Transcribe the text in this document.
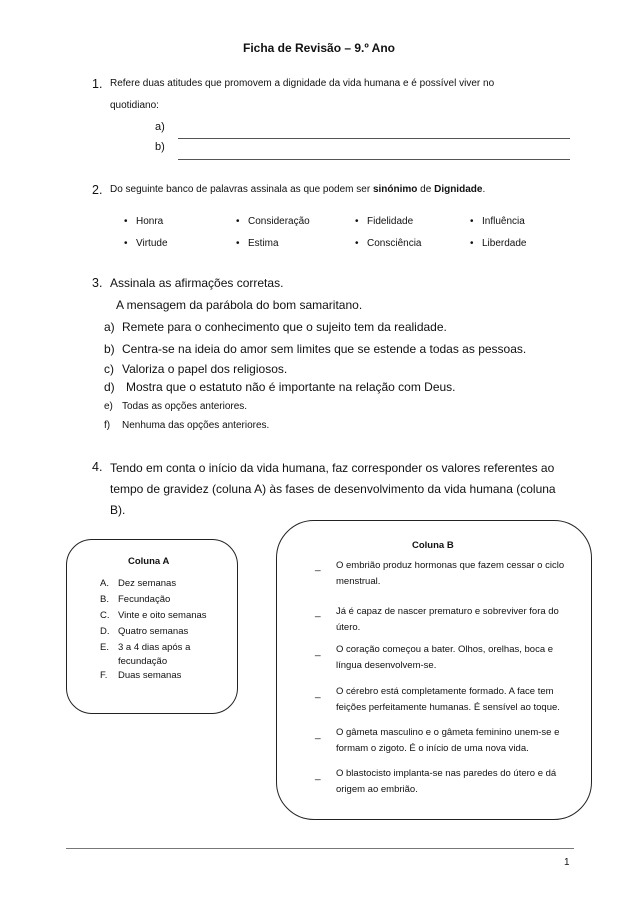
Ficha de Revisão – 9.º Ano
1. Refere duas atitudes que promovem a dignidade da vida humana e é possível viver no
quotidiano:
a)
b)
2. Do seguinte banco de palavras assinala as que podem ser sinónimo de Dignidade.
• Honra	• Consideração	• Fidelidade	• Influência
• Virtude	• Estima	• Consciência	• Liberdade
3. Assinala as afirmações corretas.
A mensagem da parábola do bom samaritano.
a) Remete para o conhecimento que o sujeito tem da realidade.
b) Centra-se na ideia do amor sem limites que se estende a todas as pessoas.
c) Valoriza o papel dos religiosos.
d) Mostra que o estatuto não é importante na relação com Deus.
e) Todas as opções anteriores.
f) Nenhuma das opções anteriores.
4. Tendo em conta o início da vida humana, faz corresponder os valores referentes ao
tempo de gravidez (coluna A) às fases de desenvolvimento da vida humana (coluna
B).
Coluna A
A. Dez semanas
B. Fecundação
C. Vinte e oito semanas
D. Quatro semanas
E. 3 a 4 dias após a
fecundação
F. Duas semanas
Coluna B
_ O embrião produz hormonas que fazem cessar o ciclo menstrual.
_ Já é capaz de nascer prematuro e sobreviver fora do útero.
_ O coração começou a bater. Olhos, orelhas, boca e língua desenvolvem-se.
_ O cérebro está completamente formado. A face tem feições perfeitamente humanas. É sensível ao toque.
_ O gâmeta masculino e o gâmeta feminino unem-se e formam o zigoto. É o início de uma nova vida.
_ O blastocisto implanta-se nas paredes do útero e dá origem ao embrião.
1
